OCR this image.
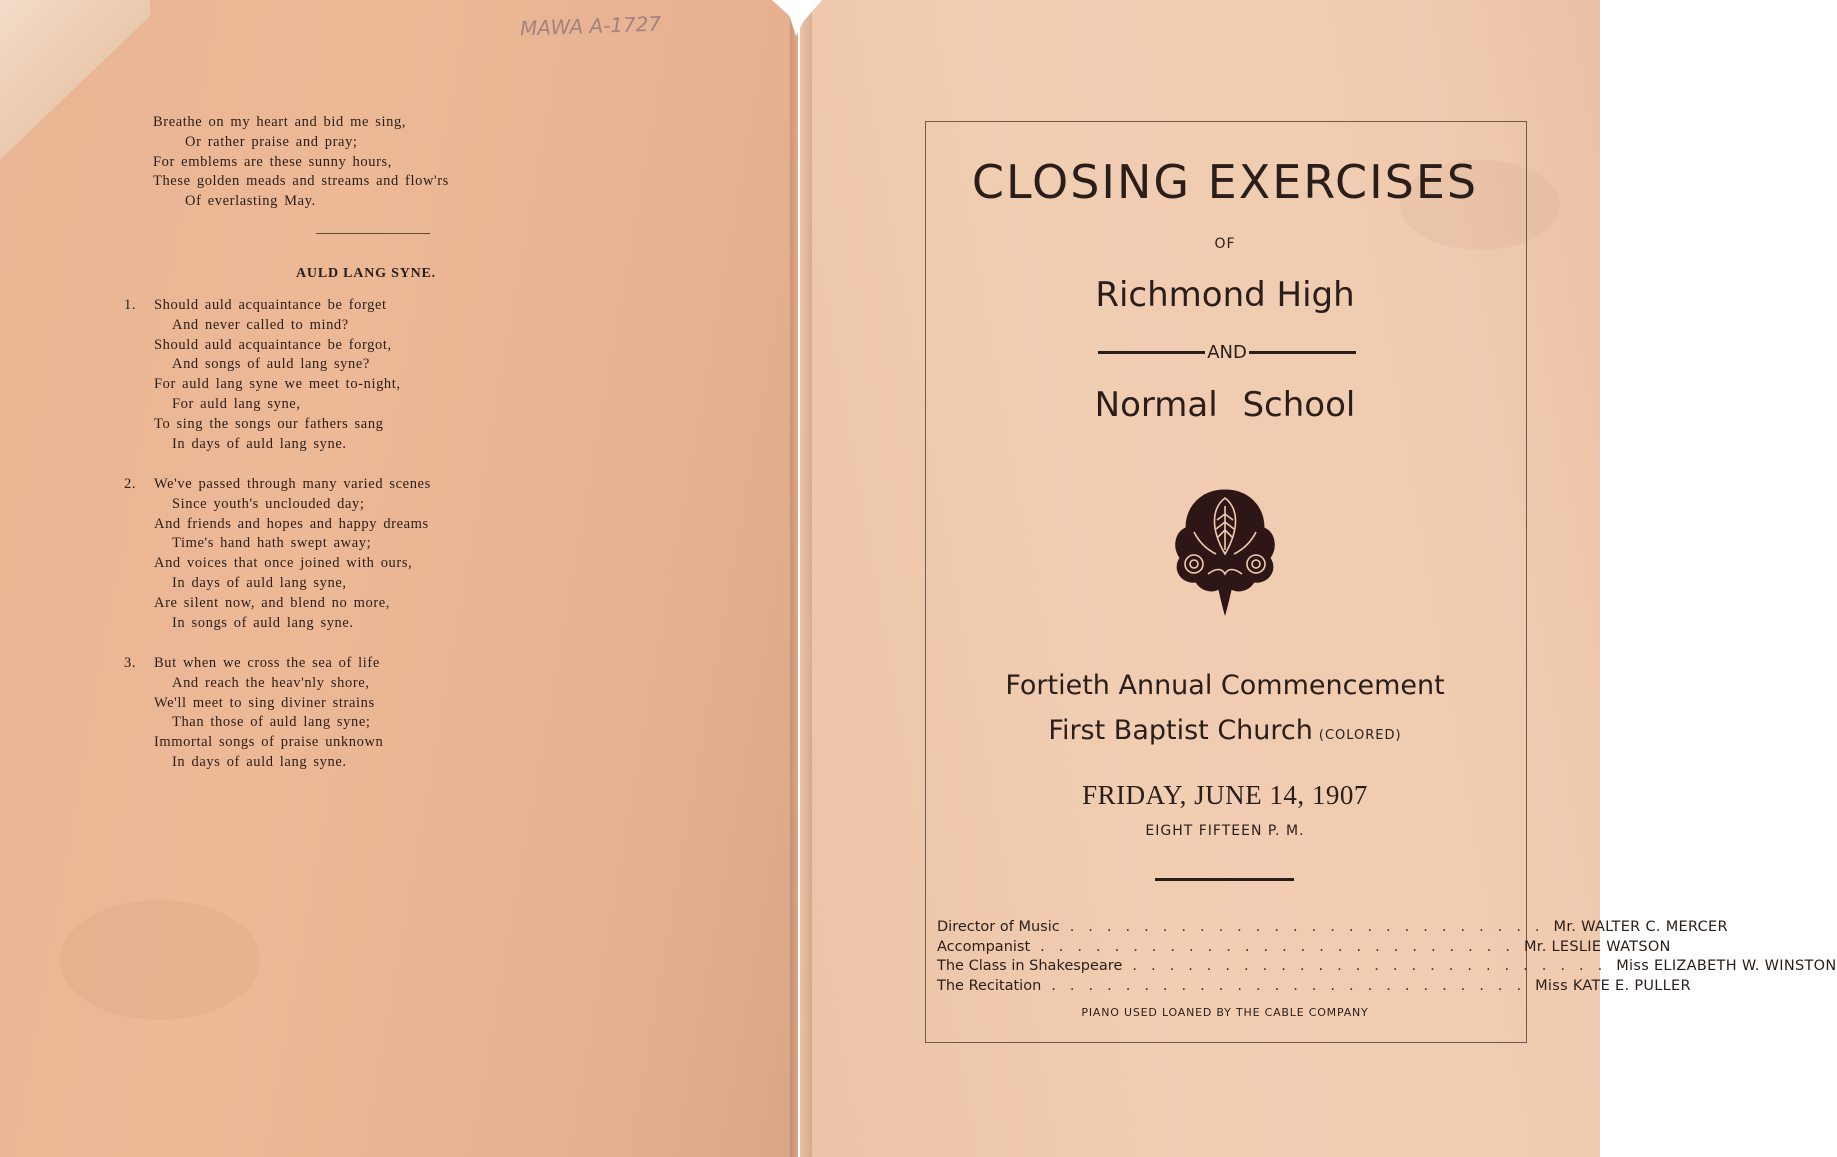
MAWA A-1727
Breathe on my heart and bid me sing,
Or rather praise and pray;
For emblems are these sunny hours,
These golden meads and streams and flow'rs
Of everlasting May.
AULD LANG SYNE.
1. Should auld acquaintance be forget
And never called to mind?
Should auld acquaintance be forgot,
And songs of auld lang syne?
For auld lang syne we meet to-night,
For auld lang syne,
To sing the songs our fathers sang
In days of auld lang syne.
2. We've passed through many varied scenes
Since youth's unclouded day;
And friends and hopes and happy dreams
Time's hand hath swept away;
And voices that once joined with ours,
In days of auld lang syne,
Are silent now, and blend no more,
In songs of auld lang syne.
3. But when we cross the sea of life
And reach the heav'nly shore,
We'll meet to sing diviner strains
Than those of auld lang syne;
Immortal songs of praise unknown
In days of auld lang syne.
CLOSING EXERCISES
OF
Richmond High
AND
Normal School
Fortieth Annual Commencement
First Baptist Church (COLORED)
FRIDAY, JUNE 14, 1907
EIGHT FIFTEEN P. M.
Director of Music .......................... Mr. WALTER C. MERCER
Accompanist .......................... Mr. LESLIE WATSON
The Class in Shakespeare .......................... Miss ELIZABETH W. WINSTON
The Recitation .......................... Miss KATE E. PULLER
PIANO USED LOANED BY THE CABLE COMPANY
